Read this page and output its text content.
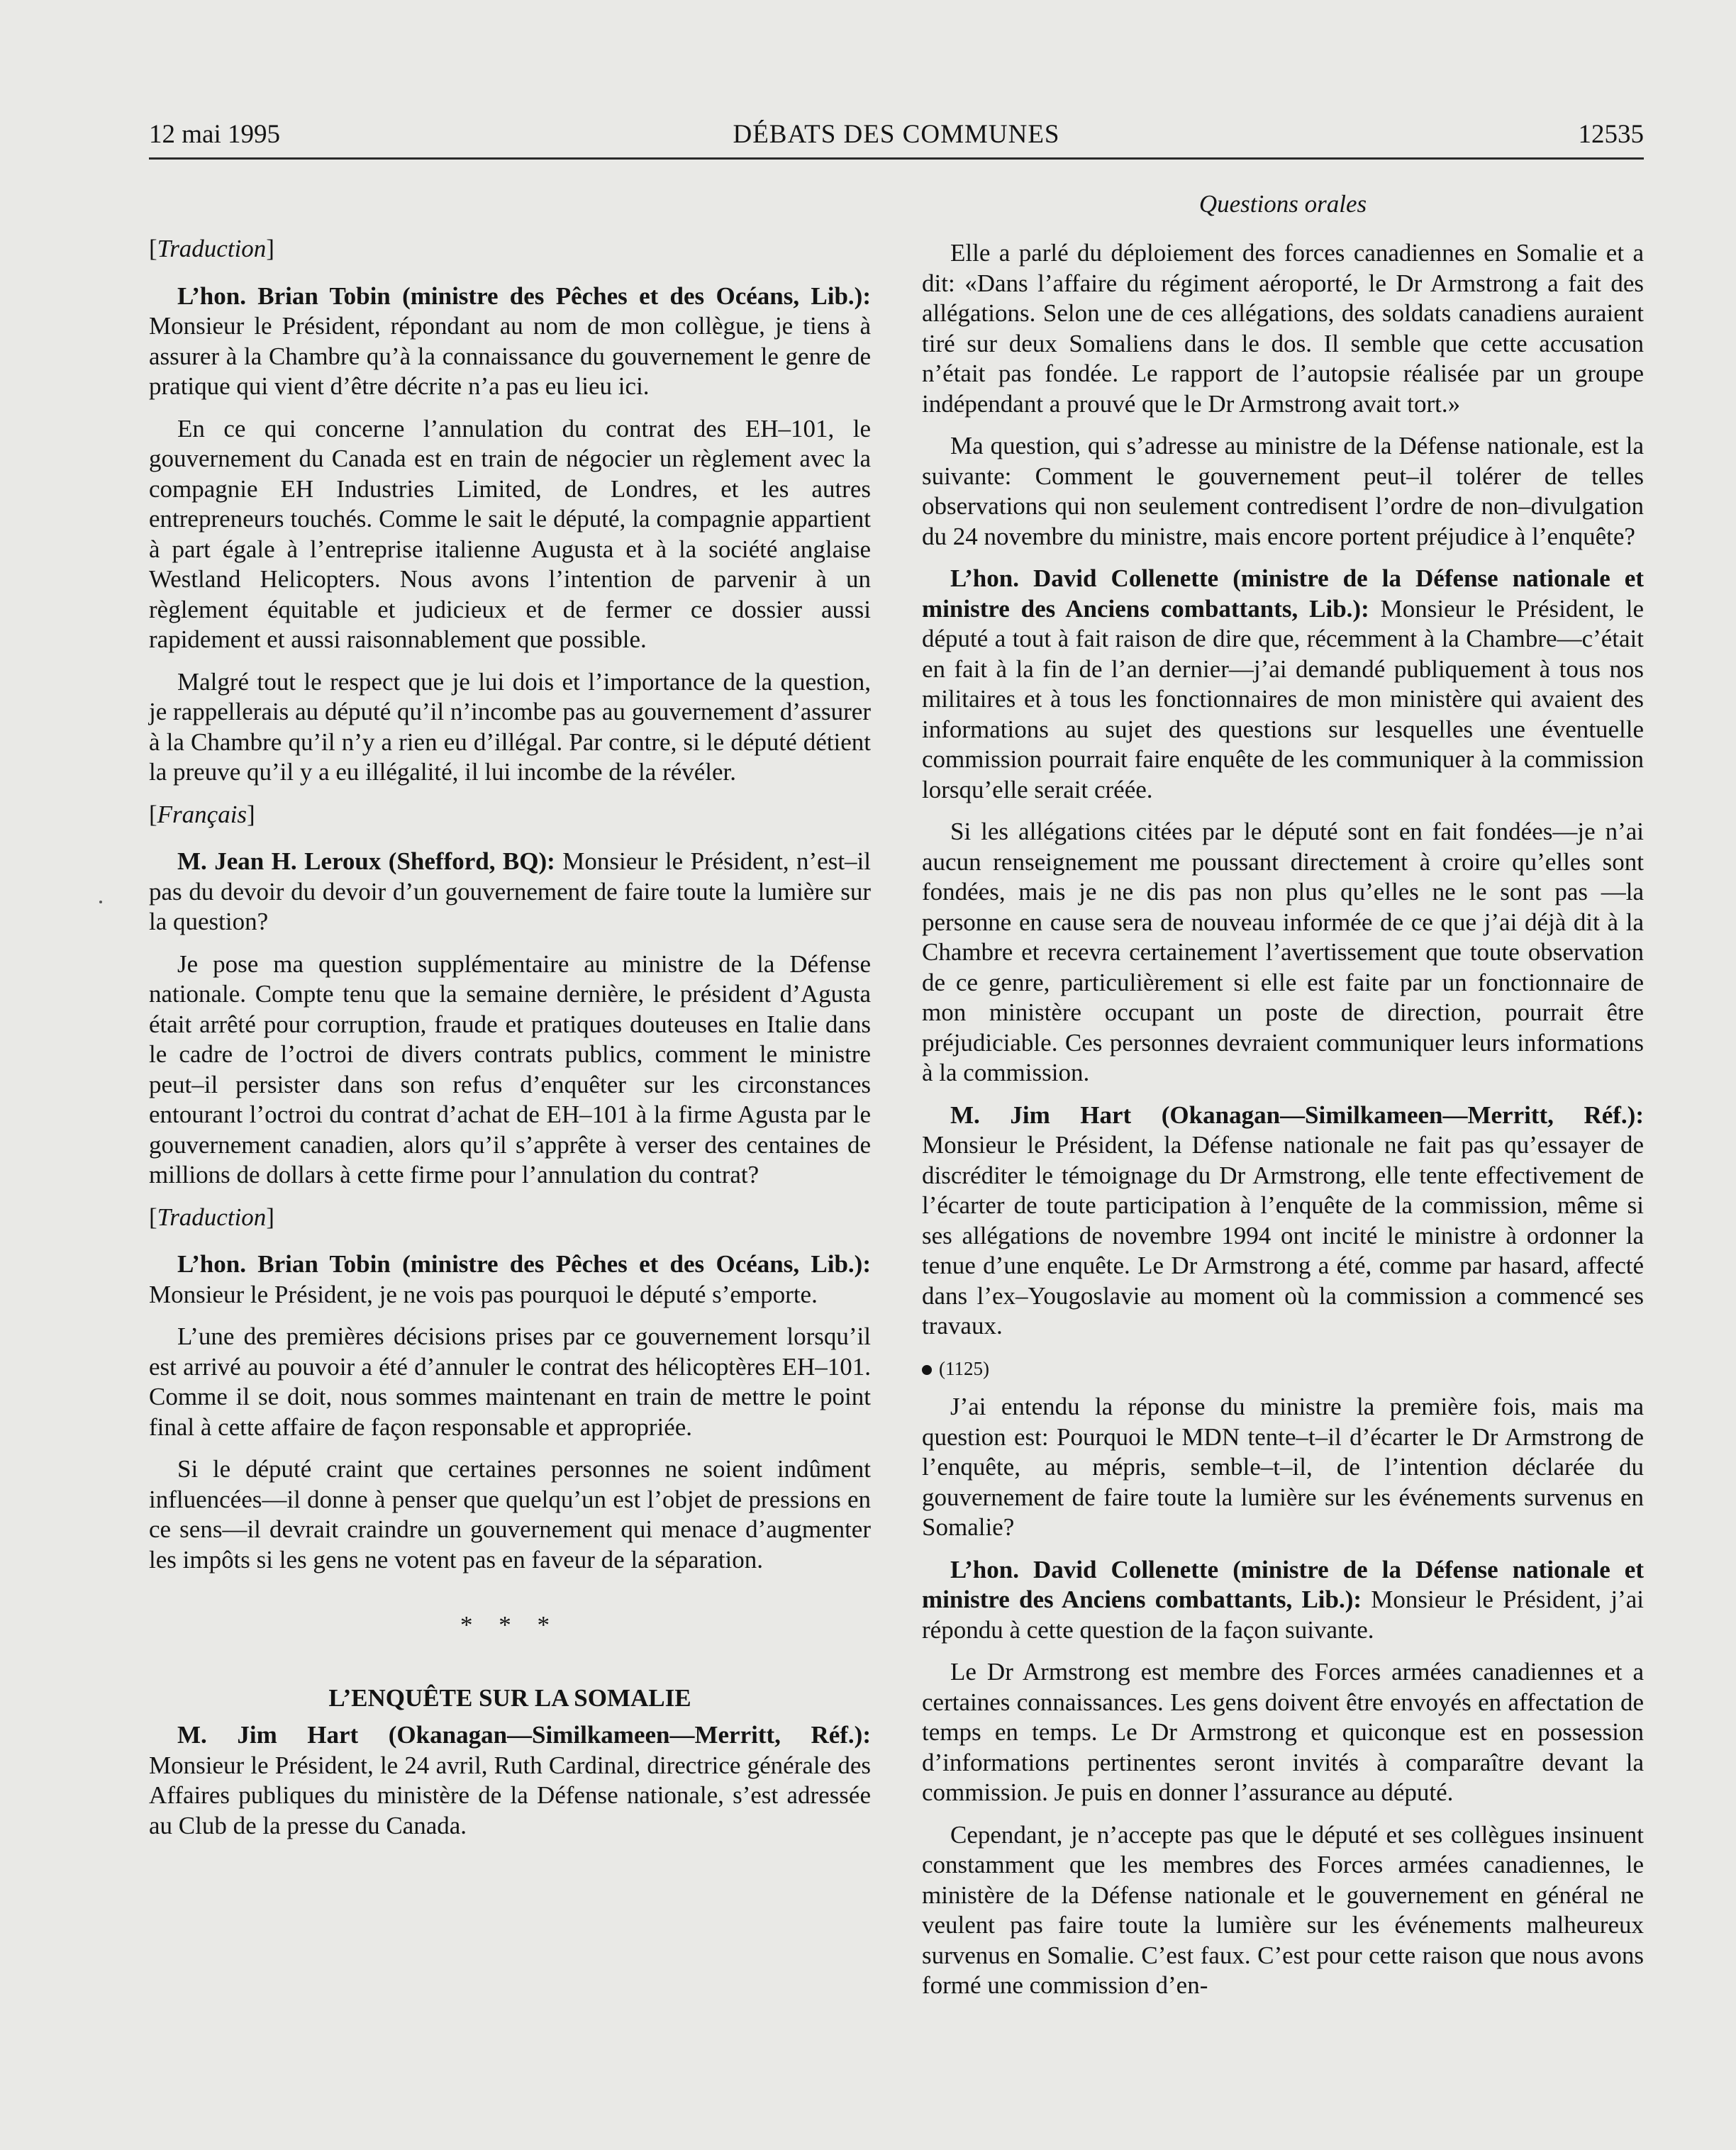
12 mai 1995	DÉBATS DES COMMUNES	12535
Questions orales

[Traduction]

L’hon. Brian Tobin (ministre des Pêches et des Océans, Lib.): Monsieur le Président, répondant au nom de mon collègue, je tiens à assurer à la Chambre qu’à la connaissance du gouvernement le genre de pratique qui vient d’être décrite n’a pas eu lieu ici.

En ce qui concerne l’annulation du contrat des EH–101, le gouvernement du Canada est en train de négocier un règlement avec la compagnie EH Industries Limited, de Londres, et les autres entrepreneurs touchés. Comme le sait le député, la compagnie appartient à part égale à l’entreprise italienne Augusta et à la société anglaise Westland Helicopters. Nous avons l’intention de parvenir à un règlement équitable et judicieux et de fermer ce dossier aussi rapidement et aussi raisonnablement que possible.

Malgré tout le respect que je lui dois et l’importance de la question, je rappellerais au député qu’il n’incombe pas au gouvernement d’assurer à la Chambre qu’il n’y a rien eu d’illégal. Par contre, si le député détient la preuve qu’il y a eu illégalité, il lui incombe de la révéler.

[Français]

M. Jean H. Leroux (Shefford, BQ): Monsieur le Président, n’est–il pas du devoir du devoir d’un gouvernement de faire toute la lumière sur la question?

Je pose ma question supplémentaire au ministre de la Défense nationale. Compte tenu que la semaine dernière, le président d’Agusta était arrêté pour corruption, fraude et pratiques douteuses en Italie dans le cadre de l’octroi de divers contrats publics, comment le ministre peut–il persister dans son refus d’enquêter sur les circonstances entourant l’octroi du contrat d’achat de EH–101 à la firme Agusta par le gouvernement canadien, alors qu’il s’apprête à verser des centaines de millions de dollars à cette firme pour l’annulation du contrat?

[Traduction]

L’hon. Brian Tobin (ministre des Pêches et des Océans, Lib.): Monsieur le Président, je ne vois pas pourquoi le député s’emporte.

L’une des premières décisions prises par ce gouvernement lorsqu’il est arrivé au pouvoir a été d’annuler le contrat des hélicoptères EH–101. Comme il se doit, nous sommes maintenant en train de mettre le point final à cette affaire de façon responsable et appropriée.

Si le député craint que certaines personnes ne soient indûment influencées—il donne à penser que quelqu’un est l’objet de pressions en ce sens—il devrait craindre un gouvernement qui menace d’augmenter les impôts si les gens ne votent pas en faveur de la séparation.

* * *

L’ENQUÊTE SUR LA SOMALIE

M. Jim Hart (Okanagan—Similkameen—Merritt, Réf.): Monsieur le Président, le 24 avril, Ruth Cardinal, directrice générale des Affaires publiques du ministère de la Défense nationale, s’est adressée au Club de la presse du Canada.

Elle a parlé du déploiement des forces canadiennes en Somalie et a dit: «Dans l’affaire du régiment aéroporté, le Dr Armstrong a fait des allégations. Selon une de ces allégations, des soldats canadiens auraient tiré sur deux Somaliens dans le dos. Il semble que cette accusation n’était pas fondée. Le rapport de l’autopsie réalisée par un groupe indépendant a prouvé que le Dr Armstrong avait tort.»

Ma question, qui s’adresse au ministre de la Défense nationale, est la suivante: Comment le gouvernement peut–il tolérer de telles observations qui non seulement contredisent l’ordre de non–divulgation du 24 novembre du ministre, mais encore portent préjudice à l’enquête?

L’hon. David Collenette (ministre de la Défense nationale et ministre des Anciens combattants, Lib.): Monsieur le Président, le député a tout à fait raison de dire que, récemment à la Chambre—c’était en fait à la fin de l’an dernier—j’ai demandé publiquement à tous nos militaires et à tous les fonctionnaires de mon ministère qui avaient des informations au sujet des questions sur lesquelles une éventuelle commission pourrait faire enquête de les communiquer à la commission lorsqu’elle serait créée.

Si les allégations citées par le député sont en fait fondées—je n’ai aucun renseignement me poussant directement à croire qu’elles sont fondées, mais je ne dis pas non plus qu’elles ne le sont pas —la personne en cause sera de nouveau informée de ce que j’ai déjà dit à la Chambre et recevra certainement l’avertissement que toute observation de ce genre, particulièrement si elle est faite par un fonctionnaire de mon ministère occupant un poste de direction, pourrait être préjudiciable. Ces personnes devraient communiquer leurs informations à la commission.

M. Jim Hart (Okanagan—Similkameen—Merritt, Réf.): Monsieur le Président, la Défense nationale ne fait pas qu’essayer de discréditer le témoignage du Dr Armstrong, elle tente effectivement de l’écarter de toute participation à l’enquête de la commission, même si ses allégations de novembre 1994 ont incité le ministre à ordonner la tenue d’une enquête. Le Dr Armstrong a été, comme par hasard, affecté dans l’ex–Yougoslavie au moment où la commission a commencé ses travaux.

(1125)

J’ai entendu la réponse du ministre la première fois, mais ma question est: Pourquoi le MDN tente–t–il d’écarter le Dr Armstrong de l’enquête, au mépris, semble–t–il, de l’intention déclarée du gouvernement de faire toute la lumière sur les événements survenus en Somalie?

L’hon. David Collenette (ministre de la Défense nationale et ministre des Anciens combattants, Lib.): Monsieur le Président, j’ai répondu à cette question de la façon suivante.

Le Dr Armstrong est membre des Forces armées canadiennes et a certaines connaissances. Les gens doivent être envoyés en affectation de temps en temps. Le Dr Armstrong et quiconque est en possession d’informations pertinentes seront invités à comparaître devant la commission. Je puis en donner l’assurance au député.

Cependant, je n’accepte pas que le député et ses collègues insinuent constamment que les membres des Forces armées canadiennes, le ministère de la Défense nationale et le gouvernement en général ne veulent pas faire toute la lumière sur les événements malheureux survenus en Somalie. C’est faux. C’est pour cette raison que nous avons formé une commission d’en-
